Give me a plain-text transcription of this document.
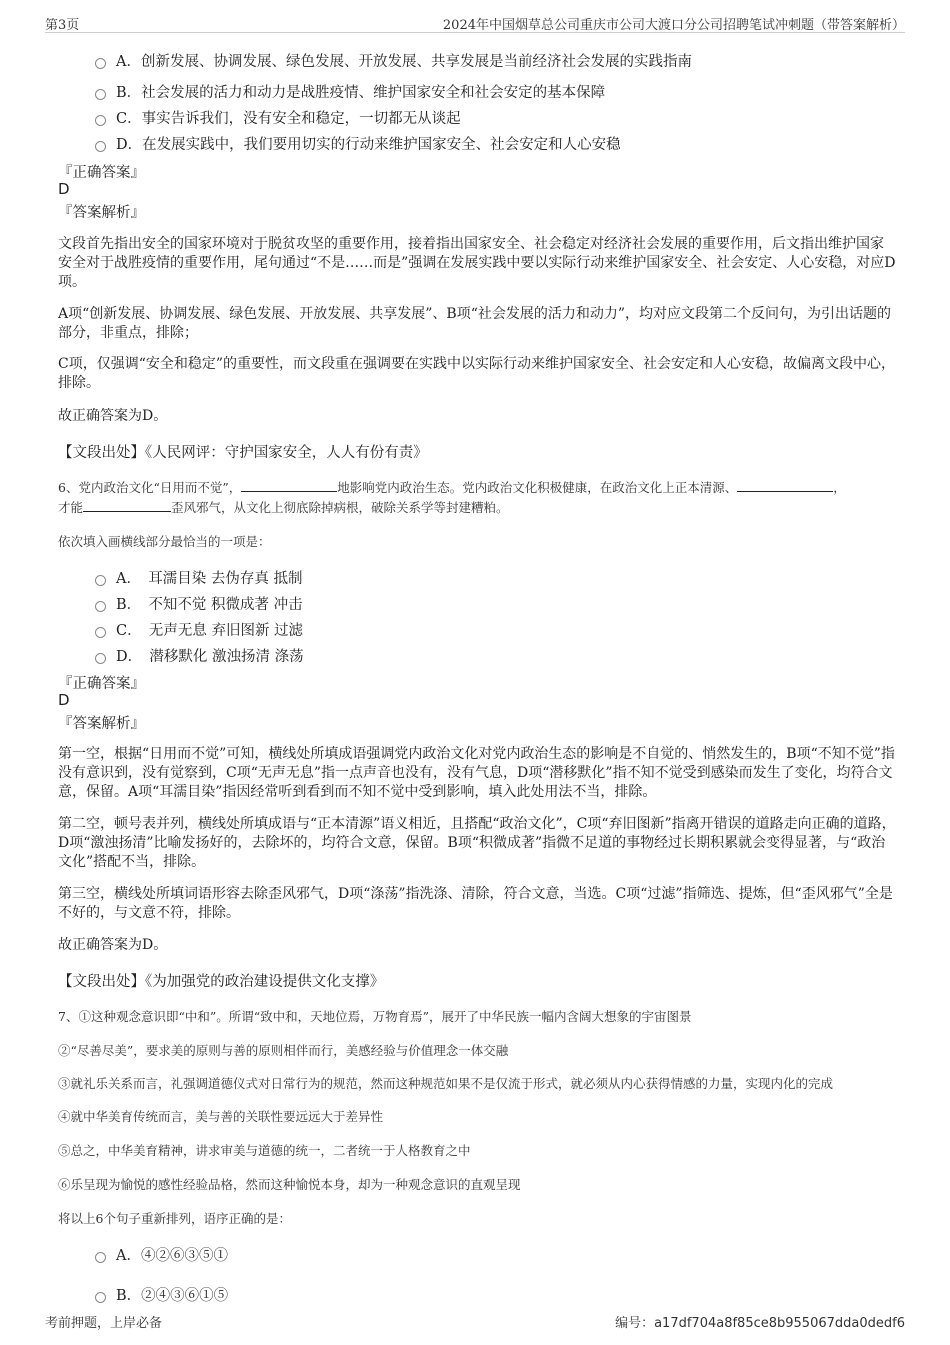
第3页	2024年中国烟草总公司重庆市公司大渡口分公司招聘笔试冲刺题（带答案解析）
A．创新发展、协调发展、绿色发展、开放发展、共享发展是当前经济社会发展的实践指南
B．社会发展的活力和动力是战胜疫情、维护国家安全和社会安定的基本保障
C．事实告诉我们，没有安全和稳定，一切都无从谈起
D．在发展实践中，我们要用切实的行动来维护国家安全、社会安定和人心安稳
『正确答案』
D
『答案解析』
文段首先指出安全的国家环境对于脱贫攻坚的重要作用，接着指出国家安全、社会稳定对经济社会发展的重要作用，后文指出维护国家安全对于战胜疫情的重要作用，尾句通过“不是……而是”强调在发展实践中要以实际行动来维护国家安全、社会安定、人心安稳，对应D项。
A项“创新发展、协调发展、绿色发展、开放发展、共享发展”、B项“社会发展的活力和动力”，均对应文段第二个反问句，为引出话题的部分，非重点，排除；
C项，仅强调“安全和稳定”的重要性，而文段重在强调要在实践中以实际行动来维护国家安全、社会安定和人心安稳，故偏离文段中心，排除。
故正确答案为D。
【文段出处】《人民网评：守护国家安全，人人有份有责》
6、党内政治文化“日用而不觉”，	地影响党内政治生态。党内政治文化积极健康，在政治文化上正本清源、	，
才能	歪风邪气，从文化上彻底除掉病根，破除关系学等封建糟粕。
依次填入画横线部分最恰当的一项是：
A．　耳濡目染 去伪存真 抵制
B．　不知不觉 积微成著 冲击
C．　无声无息 弃旧图新 过滤
D．　潜移默化 激浊扬清 涤荡
『正确答案』
D
『答案解析』
第一空，根据“日用而不觉”可知，横线处所填成语强调党内政治文化对党内政治生态的影响是不自觉的、悄然发生的，B项“不知不觉”指没有意识到，没有觉察到，C项“无声无息”指一点声音也没有，没有气息，D项“潜移默化”指不知不觉受到感染而发生了变化，均符合文意，保留。A项“耳濡目染”指因经常听到看到而不知不觉中受到影响，填入此处用法不当，排除。
第二空，顿号表并列，横线处所填成语与“正本清源”语义相近，且搭配“政治文化”，C项“弃旧图新”指离开错误的道路走向正确的道路，D项“激浊扬清”比喻发扬好的，去除坏的，均符合文意，保留。B项“积微成著”指微不足道的事物经过长期积累就会变得显著，与“政治文化”搭配不当，排除。
第三空，横线处所填词语形容去除歪风邪气，D项“涤荡”指洗涤、清除，符合文意，当选。C项“过滤”指筛选、提炼，但“歪风邪气”全是不好的，与文意不符，排除。
故正确答案为D。
【文段出处】《为加强党的政治建设提供文化支撑》
7、①这种观念意识即“中和”。所谓“致中和，天地位焉，万物育焉”，展开了中华民族一幅内含阔大想象的宇宙图景
②“尽善尽美”，要求美的原则与善的原则相伴而行，美感经验与价值理念一体交融
③就礼乐关系而言，礼强调道德仪式对日常行为的规范，然而这种规范如果不是仅流于形式，就必须从内心获得情感的力量，实现内化的完成
④就中华美育传统而言，美与善的关联性要远远大于差异性
⑤总之，中华美育精神，讲求审美与道德的统一，二者统一于人格教育之中
⑥乐呈现为愉悦的感性经验品格，然而这种愉悦本身，却为一种观念意识的直观呈现
将以上6个句子重新排列，语序正确的是：
A．④②⑥③⑤①
B．②④③⑥①⑤
考前押题，上岸必备	编号：a17df704a8f85ce8b955067dda0dedf6
